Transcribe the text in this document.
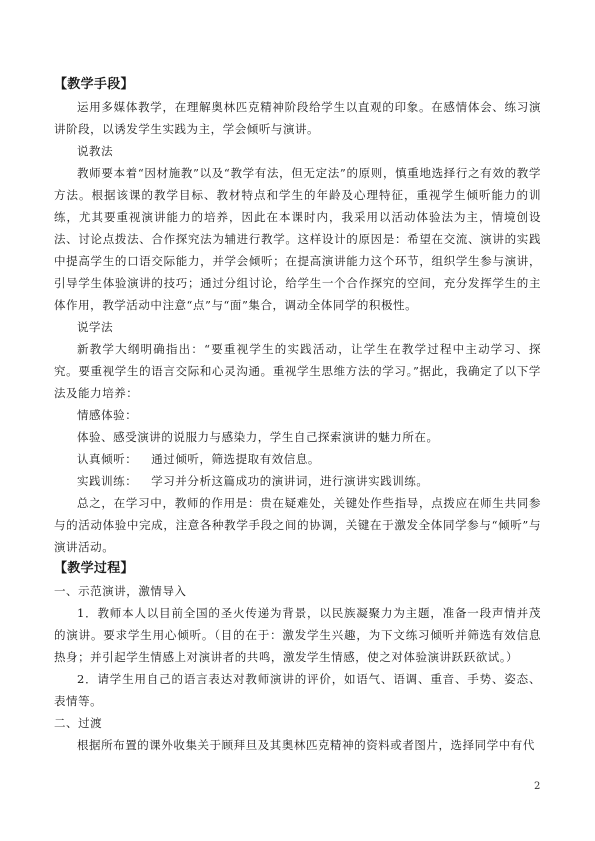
【教学手段】

运用多媒体教学，在理解奥林匹克精神阶段给学生以直观的印象。在感情体会、练习演讲阶段，以诱发学生实践为主，学会倾听与演讲。

说教法

教师要本着“因材施教”以及“教学有法，但无定法”的原则，慎重地选择行之有效的教学方法。根据该课的教学目标、教材特点和学生的年龄及心理特征，重视学生倾听能力的训练，尤其要重视演讲能力的培养，因此在本课时内，我采用以活动体验法为主，情境创设法、讨论点拨法、合作探究法为辅进行教学。这样设计的原因是：希望在交流、演讲的实践中提高学生的口语交际能力，并学会倾听；在提高演讲能力这个环节，组织学生参与演讲，引导学生体验演讲的技巧；通过分组讨论，给学生一个合作探究的空间，充分发挥学生的主体作用，教学活动中注意“点”与“面”集合，调动全体同学的积极性。

说学法

新教学大纲明确指出：“要重视学生的实践活动，让学生在教学过程中主动学习、探究。要重视学生的语言交际和心灵沟通。重视学生思维方法的学习。”据此，我确定了以下学法及能力培养：

情感体验：

体验、感受演讲的说服力与感染力，学生自己探索演讲的魅力所在。

认真倾听： 通过倾听，筛选提取有效信息。

实践训练： 学习并分析这篇成功的演讲词，进行演讲实践训练。

总之，在学习中，教师的作用是：贵在疑难处，关键处作些指导，点拨应在师生共同参与的活动体验中完成，注意各种教学手段之间的协调，关键在于激发全体同学参与“倾听”与演讲活动。

【教学过程】

一、示范演讲，激情导入

1．教师本人以目前全国的圣火传递为背景，以民族凝聚力为主题，准备一段声情并茂的演讲。要求学生用心倾听。（目的在于：激发学生兴趣，为下文练习倾听并筛选有效信息热身；并引起学生情感上对演讲者的共鸣，激发学生情感，使之对体验演讲跃跃欲试。）

2．请学生用自己的语言表达对教师演讲的评价，如语气、语调、重音、手势、姿态、表情等。

二、过渡

根据所布置的课外收集关于顾拜旦及其奥林匹克精神的资料或者图片，选择同学中有代

2
